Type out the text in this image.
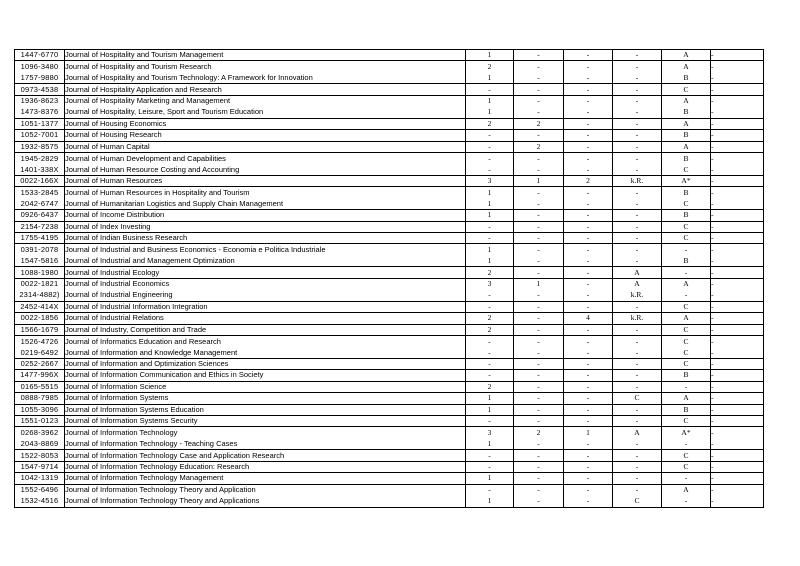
1447-6770	Journal of Hospitality and Tourism Management	1	-	-	-	A	-
1096-3480	Journal of Hospitality and Tourism Research	2	-	-	-	A	-
1757-9880	Journal of Hospitality and Tourism Technology: A Framework for Innovation	1	-	-	-	B	-
0973-4538	Journal of Hospitality Application and Research	-	-	-	-	C	-
1936-8623	Journal of Hospitality Marketing and Management	1	-	-	-	A	-
1473-8376	Journal of Hospitality, Leisure, Sport and Tourism Education	1	-	-	-	B	-
1051-1377	Journal of Housing Economics	2	2	-	-	A	-
1052-7001	Journal of Housing Research	-	-	-	-	B	-
1932-8575	Journal of Human Capital	-	2	-	-	A	-
1945-2829	Journal of Human Development and Capabilities	-	-	-	-	B	-
1401-338X	Journal of Human Resource Costing and Accounting	-	-	-	-	C	-
0022-166X	Journal of Human Resources	3	1	2	k.R.	A*	-
1533-2845	Journal of Human Resources in Hospitality and Tourism	1	-	-	-	B	-
2042-6747	Journal of Humanitarian Logistics and Supply Chain Management	1	-	-	-	C	-
0926-6437	Journal of Income Distribution	1	-	-	-	B	-
2154-7238	Journal of Index Investing	-	-	-	-	C	-
1755-4195	Journal of Indian Business Research	-	-	-	-	C	-
0391-2078	Journal of Industrial and Business Economics - Economia e Politica Industriale	1	-	-	-	-	-
1547-5816	Journal of Industrial and Management Optimization	1	-	-	-	B	-
1088-1980	Journal of Industrial Ecology	2	-	-	A	-	-
0022-1821	Journal of Industrial Economics	3	1	-	A	A	-
2314-4882)	Journal of Industrial Engineering	-	-	-	k.R.	-	-
2452-414X	Journal of Industrial Information Integration	-	-	-	-	C	-
0022-1856	Journal of Industrial Relations	2	-	4	k.R.	A	-
1566-1679	Journal of Industry, Competition and Trade	2	-	-	-	C	-
1526-4726	Journal of Informatics Education and Research	-	-	-	-	C	-
0219-6492	Journal of Information and Knowledge Management	-	-	-	-	C	-
0252-2667	Journal of Information and Optimization Sciences	-	-	-	-	C	-
1477-996X	Journal of Information Communication and Ethics in Society	-	-	-	-	B	-
0165-5515	Journal of Information Science	2	-	-	-	-	-
0888-7985	Journal of Information Systems	1	-	-	C	A	-
1055-3096	Journal of Information Systems Education	1	-	-	-	B	-
1551-0123	Journal of Information Systems Security	-	-	-	-	C	-
0268-3962	Journal of Information Technology	3	2	1	A	A*	-
2043-8869	Journal of Information Technology - Teaching Cases	1	-	-	-	-	-
1522-8053	Journal of Information Technology Case and Application Research	-	-	-	-	C	-
1547-9714	Journal of Information Technology Education: Research	-	-	-	-	C	-
1042-1319	Journal of Information Technology Management	1	-	-	-	-	-
1552-6496	Journal of Information Technology Theory and Application	-	-	-	-	A	-
1532-4516	Journal of Information Technology Theory and Applications	1	-	-	C	-	-
